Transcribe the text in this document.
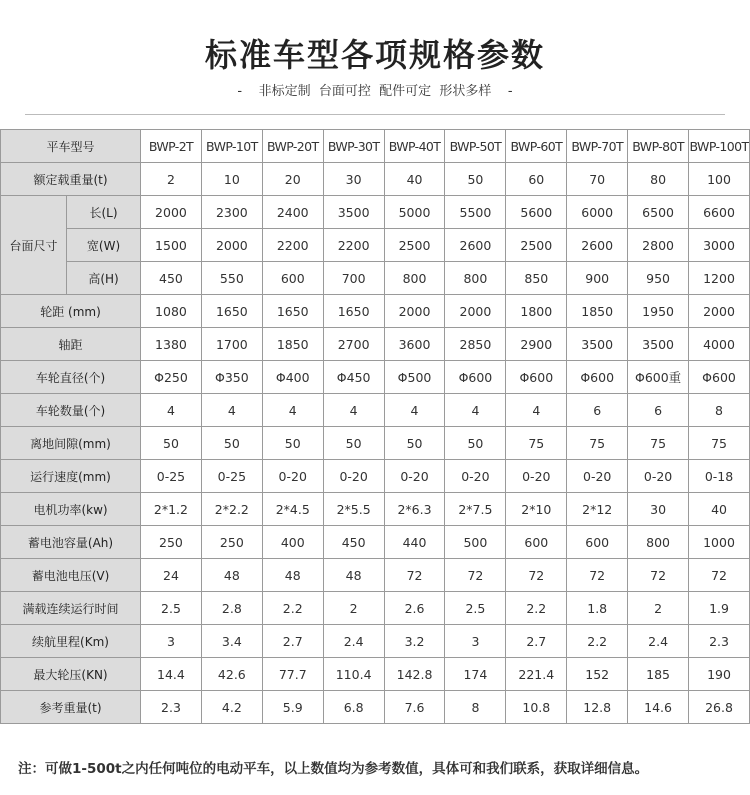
标准车型各项规格参数
-    非标定制  台面可控  配件可定  形状多样    -
平车型号		BWP-2T	BWP-10T	BWP-20T	BWP-30T	BWP-40T	BWP-50T	BWP-60T	BWP-70T	BWP-80T	BWP-100T
额定载重量(t)		2	10	20	30	40	50	60	70	80	100
台面尺寸	长(L)	2000	2300	2400	3500	5000	5500	5600	6000	6500	6600
	宽(W)	1500	2000	2200	2200	2500	2600	2500	2600	2800	3000
	高(H)	450	550	600	700	800	800	850	900	950	1200
轮距 (mm)		1080	1650	1650	1650	2000	2000	1800	1850	1950	2000
轴距		1380	1700	1850	2700	3600	2850	2900	3500	3500	4000
车轮直径(个)		Φ250	Φ350	Φ400	Φ450	Φ500	Φ600	Φ600	Φ600	Φ600重	Φ600
车轮数量(个)		4	4	4	4	4	4	4	6	6	8
离地间隙(mm)		50	50	50	50	50	50	75	75	75	75
运行速度(mm)		0-25	0-25	0-20	0-20	0-20	0-20	0-20	0-20	0-20	0-18
电机功率(kw)		2*1.2	2*2.2	2*4.5	2*5.5	2*6.3	2*7.5	2*10	2*12	30	40
蓄电池容量(Ah)		250	250	400	450	440	500	600	600	800	1000
蓄电池电压(V)		24	48	48	48	72	72	72	72	72	72
满载连续运行时间		2.5	2.8	2.2	2	2.6	2.5	2.2	1.8	2	1.9
续航里程(Km)		3	3.4	2.7	2.4	3.2	3	2.7	2.2	2.4	2.3
最大轮压(KN)		14.4	42.6	77.7	110.4	142.8	174	221.4	152	185	190
参考重量(t)		2.3	4.2	5.9	6.8	7.6	8	10.8	12.8	14.6	26.8
注：可做1-500t之内任何吨位的电动平车，以上数值均为参考数值，具体可和我们联系，获取详细信息。
